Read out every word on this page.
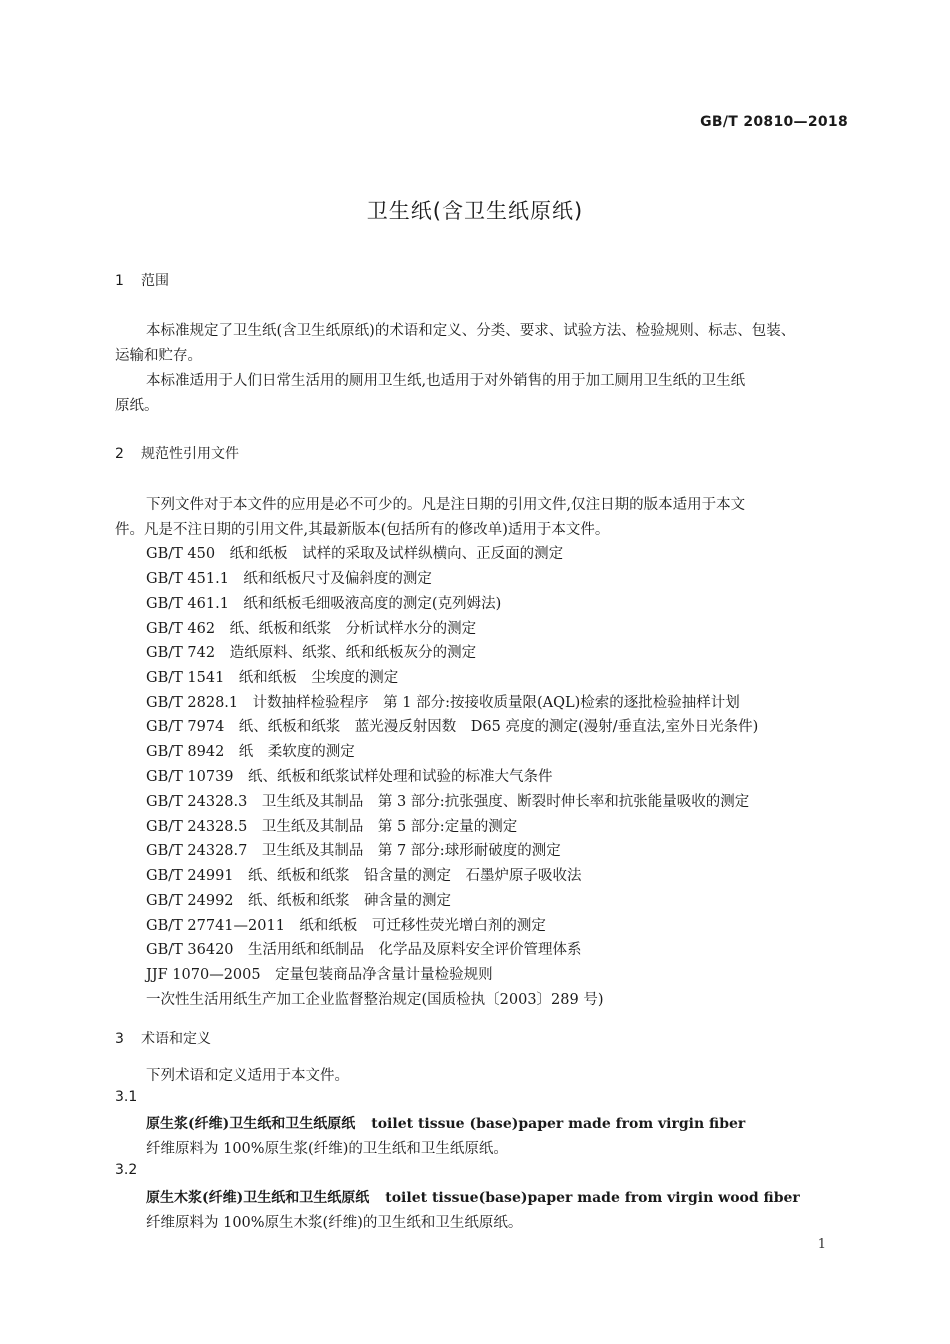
GB/T 20810—2018
卫生纸(含卫生纸原纸)
1 范围
本标准规定了卫生纸(含卫生纸原纸)的术语和定义、分类、要求、试验方法、检验规则、标志、包装、
运输和贮存。
本标准适用于人们日常生活用的厕用卫生纸,也适用于对外销售的用于加工厕用卫生纸的卫生纸
原纸。
2 规范性引用文件
下列文件对于本文件的应用是必不可少的。凡是注日期的引用文件,仅注日期的版本适用于本文
件。凡是不注日期的引用文件,其最新版本(包括所有的修改单)适用于本文件。
GB/T 450　纸和纸板　试样的采取及试样纵横向、正反面的测定
GB/T 451.1　纸和纸板尺寸及偏斜度的测定
GB/T 461.1　纸和纸板毛细吸液高度的测定(克列姆法)
GB/T 462　纸、纸板和纸浆　分析试样水分的测定
GB/T 742　造纸原料、纸浆、纸和纸板灰分的测定
GB/T 1541　纸和纸板　尘埃度的测定
GB/T 2828.1　计数抽样检验程序　第 1 部分:按接收质量限(AQL)检索的逐批检验抽样计划
GB/T 7974　纸、纸板和纸浆　蓝光漫反射因数　D65 亮度的测定(漫射/垂直法,室外日光条件)
GB/T 8942　纸　柔软度的测定
GB/T 10739　纸、纸板和纸浆试样处理和试验的标准大气条件
GB/T 24328.3　卫生纸及其制品　第 3 部分:抗张强度、断裂时伸长率和抗张能量吸收的测定
GB/T 24328.5　卫生纸及其制品　第 5 部分:定量的测定
GB/T 24328.7　卫生纸及其制品　第 7 部分:球形耐破度的测定
GB/T 24991　纸、纸板和纸浆　铅含量的测定　石墨炉原子吸收法
GB/T 24992　纸、纸板和纸浆　砷含量的测定
GB/T 27741—2011　纸和纸板　可迁移性荧光增白剂的测定
GB/T 36420　生活用纸和纸制品　化学品及原料安全评价管理体系
JJF 1070—2005　定量包装商品净含量计量检验规则
一次性生活用纸生产加工企业监督整治规定(国质检执〔2003〕289 号)
3 术语和定义
下列术语和定义适用于本文件。
3.1
原生浆(纤维)卫生纸和卫生纸原纸 toilet tissue (base)paper made from virgin fiber
纤维原料为 100%原生浆(纤维)的卫生纸和卫生纸原纸。
3.2
原生木浆(纤维)卫生纸和卫生纸原纸 toilet tissue(base)paper made from virgin wood fiber
纤维原料为 100%原生木浆(纤维)的卫生纸和卫生纸原纸。
1
